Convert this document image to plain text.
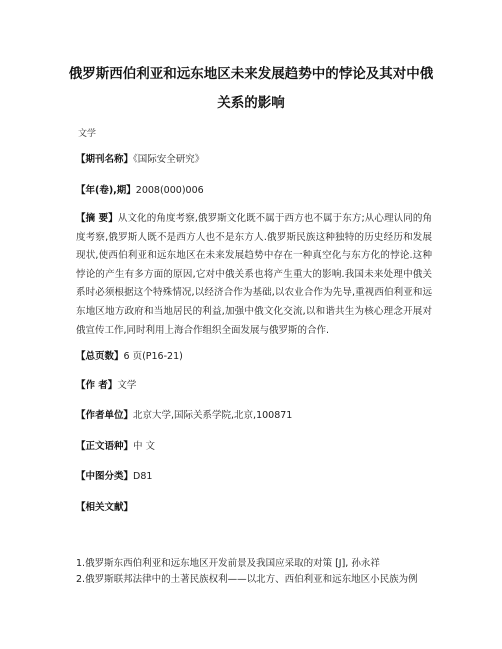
俄罗斯西伯利亚和远东地区未来发展趋势中的悖论及其对中俄
关系的影响
文学
【期刊名称】《国际安全研究》
【年(卷),期】2008(000)006
【摘 要】从文化的角度考察,俄罗斯文化既不属于西方也不属于东方;从心理认同的角度考察,俄罗斯人既不是西方人也不是东方人.俄罗斯民族这种独特的历史经历和发展现状,使西伯利亚和远东地区在未来发展趋势中存在一种真空化与东方化的悖论.这种悖论的产生有多方面的原因,它对中俄关系也将产生重大的影响.我国未来处理中俄关系时必须根据这个特殊情况,以经济合作为基础,以农业合作为先导,重视西伯利亚和远东地区地方政府和当地居民的利益,加强中俄文化交流,以和谐共生为核心理念开展对俄宣传工作,同时利用上海合作组织全面发展与俄罗斯的合作.
【总页数】6 页(P16-21)
【作 者】文学
【作者单位】北京大学,国际关系学院,北京,100871
【正文语种】中 文
【中图分类】D81
【相关文献】
1.俄罗斯东西伯利亚和远东地区开发前景及我国应采取的对策 [J], 孙永祥
2.俄罗斯联邦法律中的土著民族权利——以北方、西伯利亚和远东地区小民族为例
